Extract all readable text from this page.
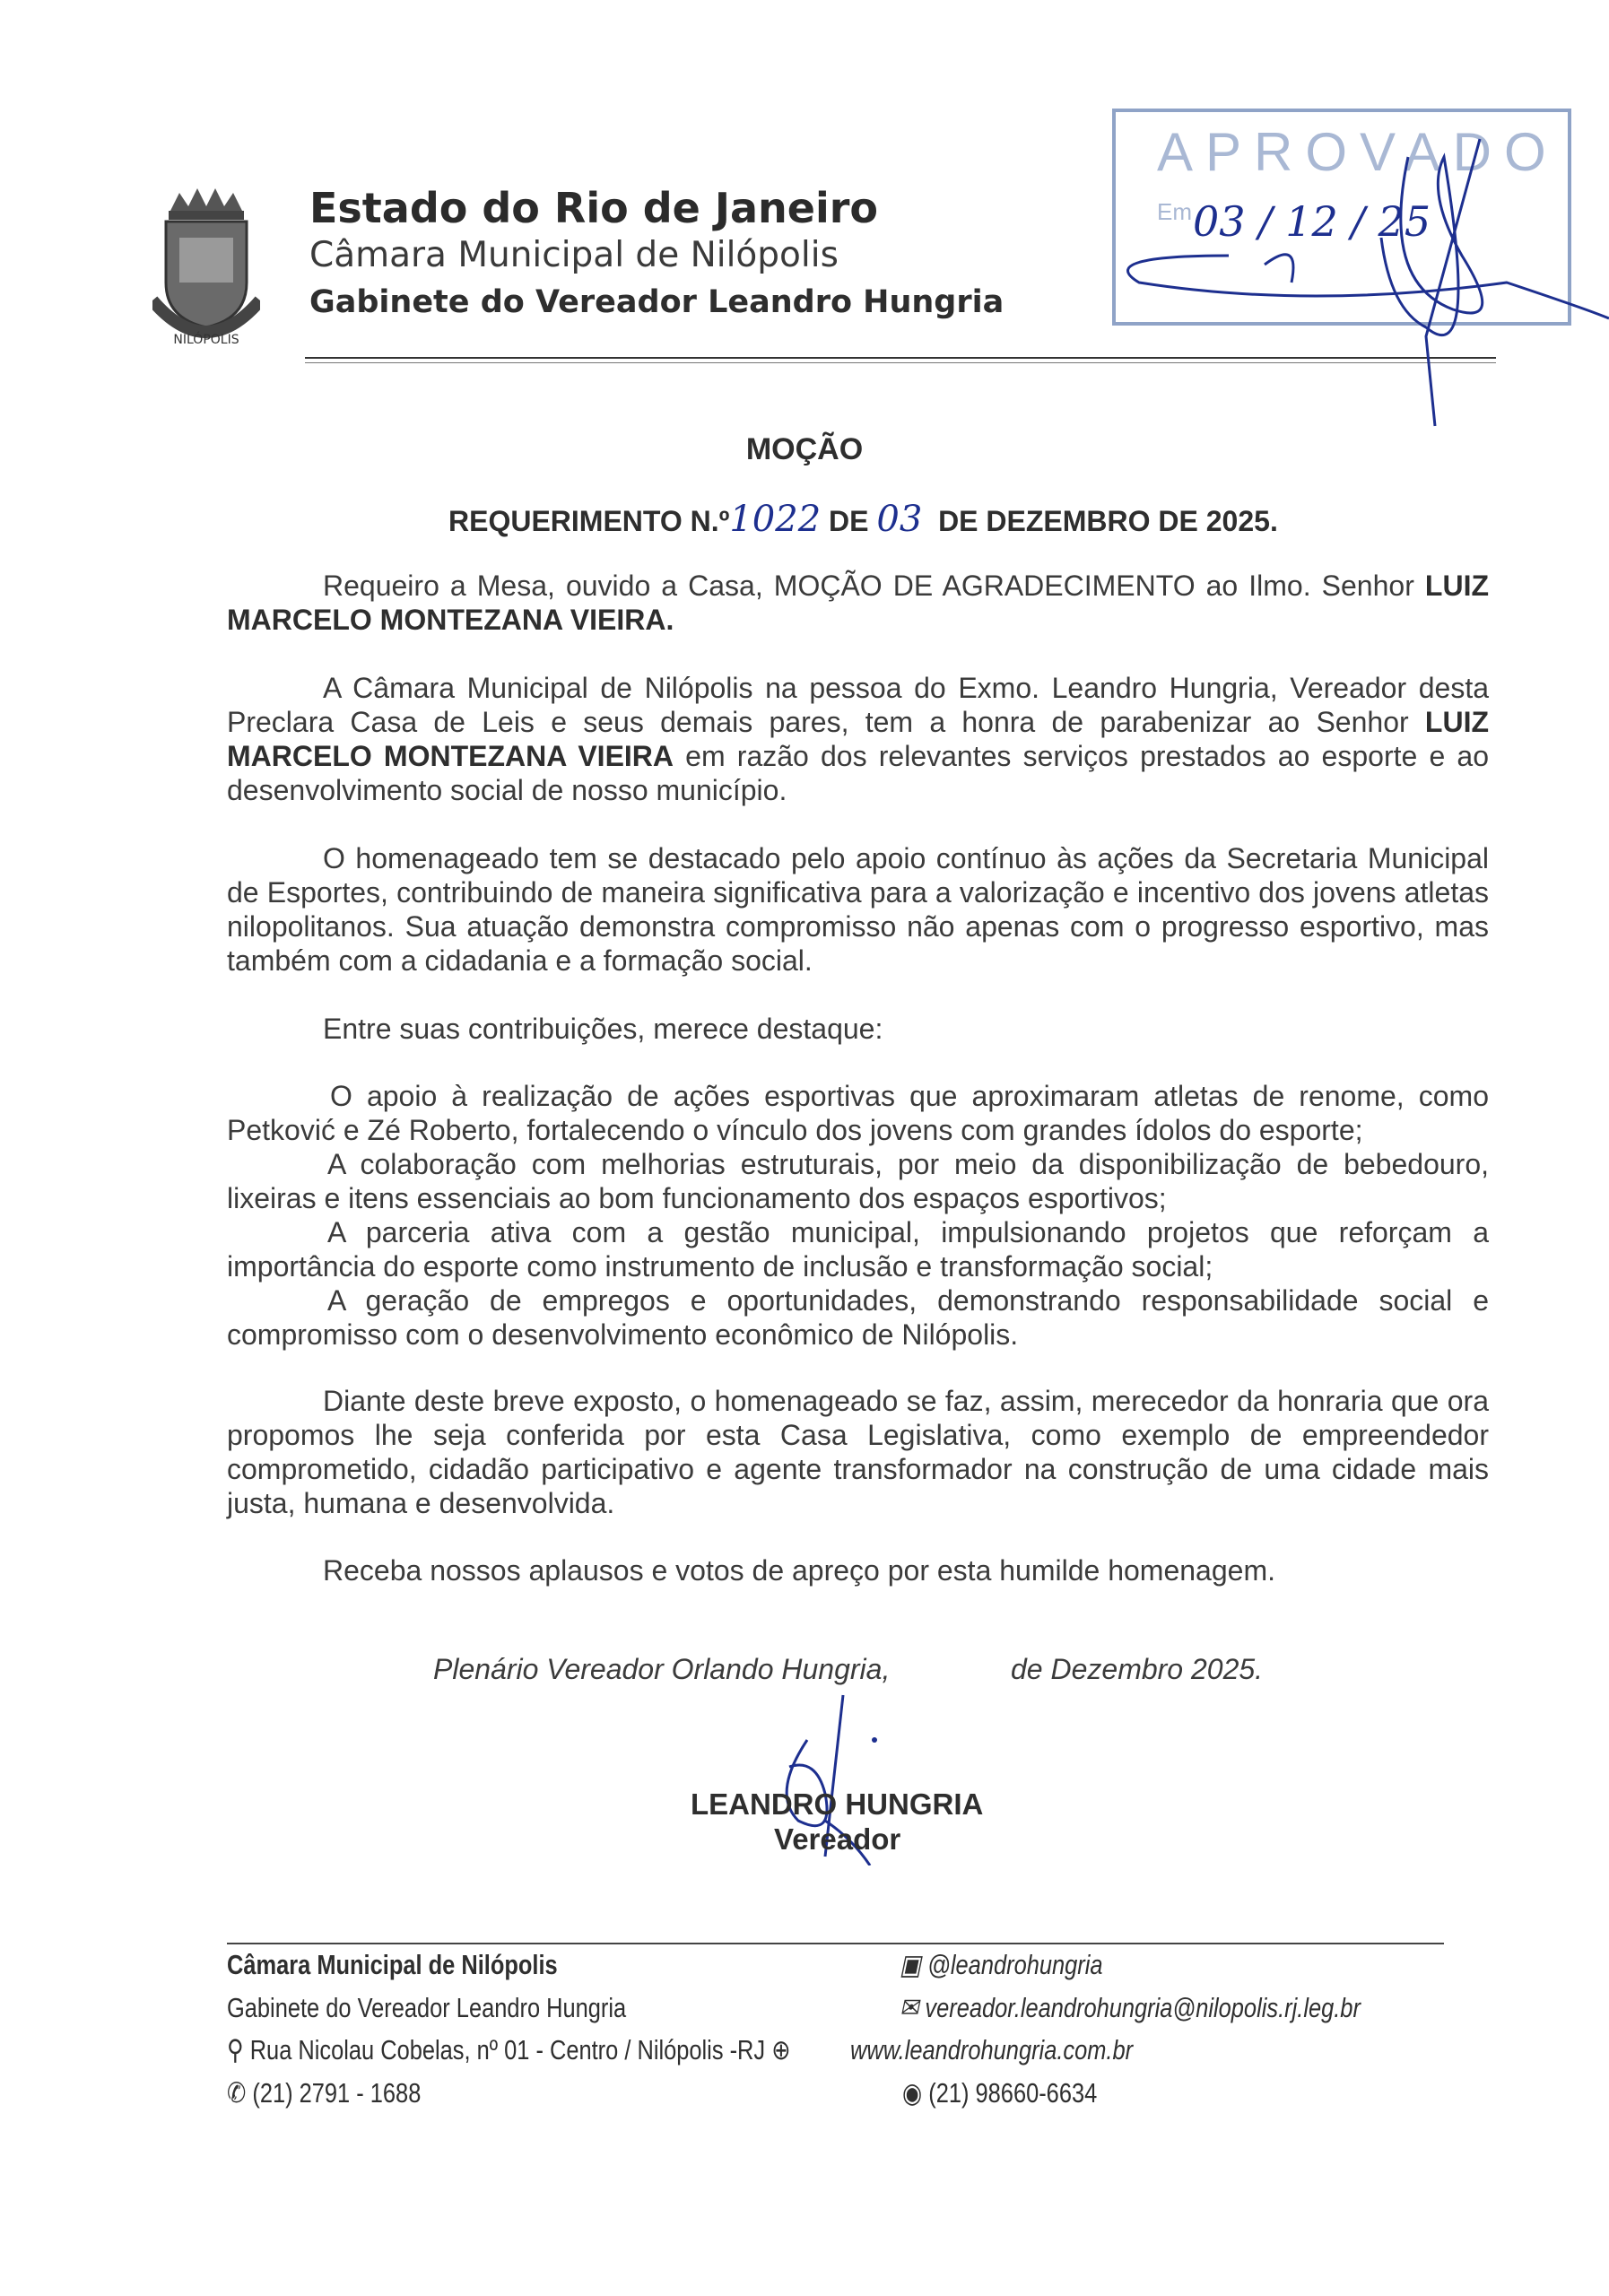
NILÓPOLIS
Estado do Rio de Janeiro
Câmara Municipal de Nilópolis
Gabinete do Vereador Leandro Hungria
APROVADO
Em 03 / 12 / 25
MOÇÃO
REQUERIMENTO N.º1022 DE 03 DE DEZEMBRO DE 2025.
Requeiro a Mesa, ouvido a Casa, MOÇÃO DE AGRADECIMENTO ao Ilmo. Senhor LUIZ MARCELO MONTEZANA VIEIRA.
A Câmara Municipal de Nilópolis na pessoa do Exmo. Leandro Hungria, Vereador desta Preclara Casa de Leis e seus demais pares, tem a honra de parabenizar ao Senhor LUIZ MARCELO MONTEZANA VIEIRA em razão dos relevantes serviços prestados ao esporte e ao desenvolvimento social de nosso município.
O homenageado tem se destacado pelo apoio contínuo às ações da Secretaria Municipal de Esportes, contribuindo de maneira significativa para a valorização e incentivo dos jovens atletas nilopolitanos. Sua atuação demonstra compromisso não apenas com o progresso esportivo, mas também com a cidadania e a formação social.
Entre suas contribuições, merece destaque:
O apoio à realização de ações esportivas que aproximaram atletas de renome, como Petković e Zé Roberto, fortalecendo o vínculo dos jovens com grandes ídolos do esporte;
A colaboração com melhorias estruturais, por meio da disponibilização de bebedouro, lixeiras e itens essenciais ao bom funcionamento dos espaços esportivos;
A parceria ativa com a gestão municipal, impulsionando projetos que reforçam a importância do esporte como instrumento de inclusão e transformação social;
A geração de empregos e oportunidades, demonstrando responsabilidade social e compromisso com o desenvolvimento econômico de Nilópolis.
Diante deste breve exposto, o homenageado se faz, assim, merecedor da honraria que ora propomos lhe seja conferida por esta Casa Legislativa, como exemplo de empreendedor comprometido, cidadão participativo e agente transformador na construção de uma cidade mais justa, humana e desenvolvida.
Receba nossos aplausos e votos de apreço por esta humilde homenagem.
Plenário Vereador Orlando Hungria,	de Dezembro 2025.
LEANDRO HUNGRIA
Vereador
Câmara Municipal de Nilópolis
Gabinete do Vereador Leandro Hungria
⚲ Rua Nicolau Cobelas, nº 01 - Centro / Nilópolis -RJ ⊕
✆ (21) 2791 - 1688
▣ @leandrohungria
✉ vereador.leandrohungria@nilopolis.rj.leg.br
www.leandrohungria.com.br
◉ (21) 98660-6634
